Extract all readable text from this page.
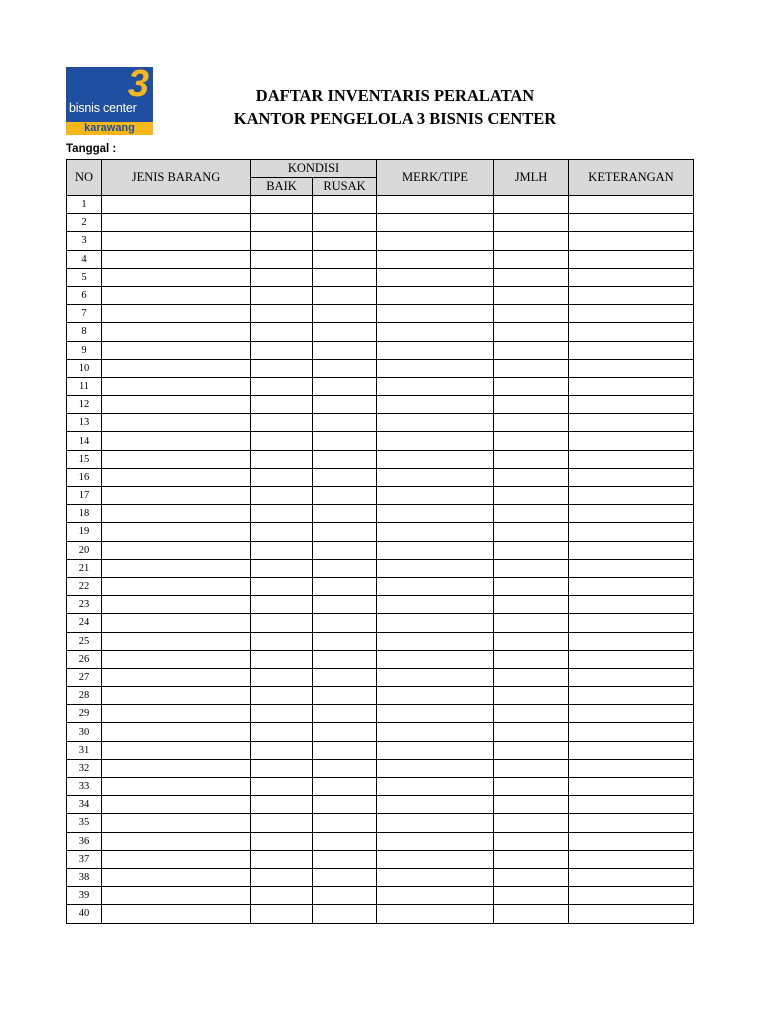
3
bisnis center
karawang
DAFTAR INVENTARIS PERALATAN
KANTOR PENGELOLA 3 BISNIS CENTER
Tanggal :
NO	JENIS BARANG	KONDISI		MERK/TIPE	JMLH	KETERANGAN
		BAIK	RUSAK			
1						
2						
3						
4						
5						
6						
7						
8						
9						
10						
11						
12						
13						
14						
15						
16						
17						
18						
19						
20						
21						
22						
23						
24						
25						
26						
27						
28						
29						
30						
31						
32						
33						
34						
35						
36						
37						
38						
39						
40						
